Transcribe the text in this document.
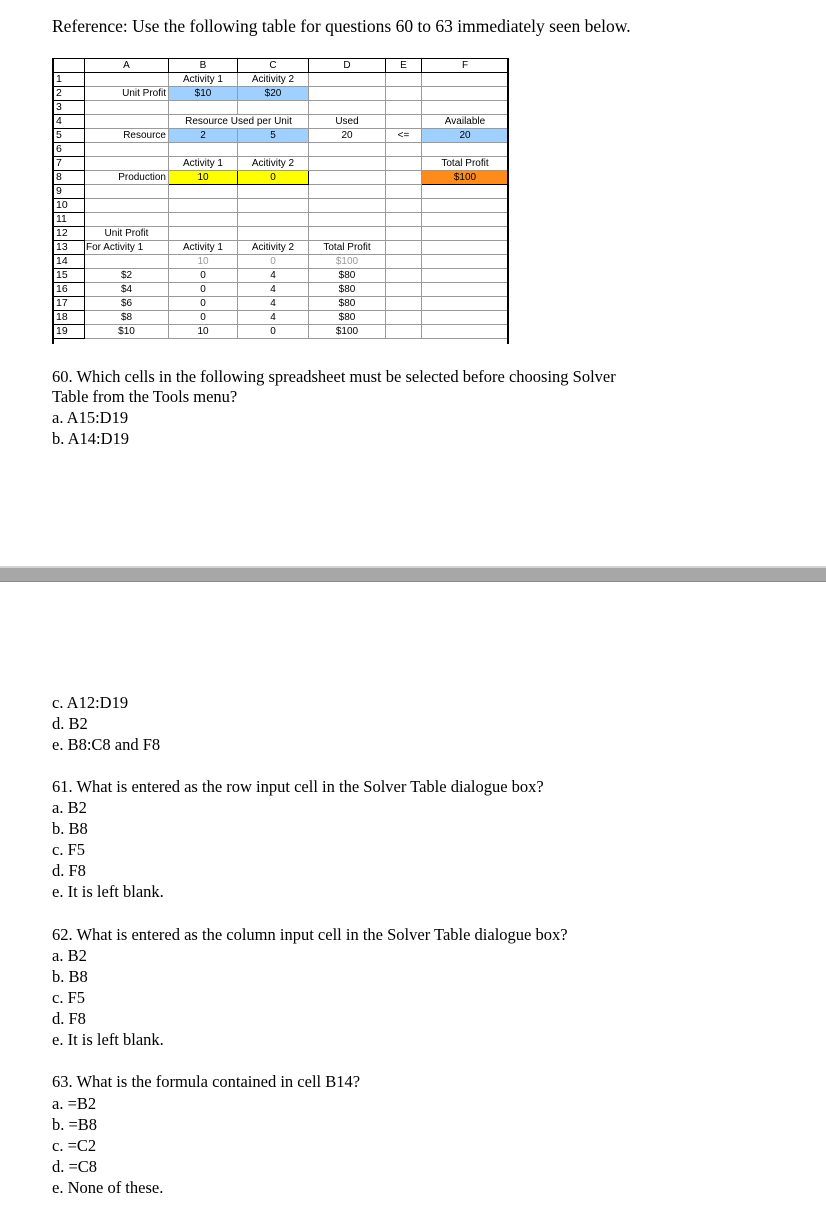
Reference: Use the following table for questions 60 to 63 immediately seen below.
	A	B	C	D	E	F
1		Activity 1	Acitivity 2			
2	Unit Profit	$10	$20			
3						
4		Resource Used per Unit		Used		Available
5	Resource	2	5	20	<=	20
6						
7		Activity 1	Acitivity 2			Total Profit
8	Production	10	0			$100
9						
10						
11						
12	Unit Profit					
13	For Activity 1	Activity 1	Acitivity 2	Total Profit		
14		10	0	$100		
15	$2	0	4	$80		
16	$4	0	4	$80		
17	$6	0	4	$80		
18	$8	0	4	$80		
19	$10	10	0	$100		
60. Which cells in the following spreadsheet must be selected before choosing Solver
Table from the Tools menu?
a. A15:D19
b. A14:D19
c. A12:D19
d. B2
e. B8:C8 and F8
61. What is entered as the row input cell in the Solver Table dialogue box?
a. B2
b. B8
c. F5
d. F8
e. It is left blank.
62. What is entered as the column input cell in the Solver Table dialogue box?
a. B2
b. B8
c. F5
d. F8
e. It is left blank.
63. What is the formula contained in cell B14?
a. =B2
b. =B8
c. =C2
d. =C8
e. None of these.
